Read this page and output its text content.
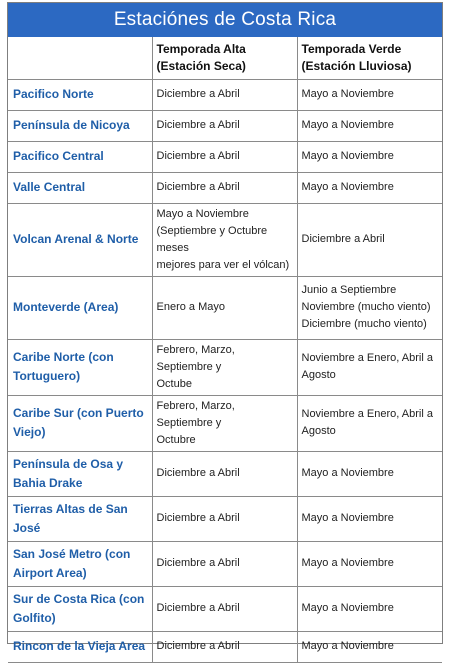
Estaciónes de Costa Rica

	Temporada Alta
(Estación Seca)	Temporada Verde
(Estación Lluviosa)

Pacifico Norte	Diciembre a Abril	Mayo a Noviembre

Península de Nicoya	Diciembre a Abril	Mayo a Noviembre

Pacifico Central	Diciembre a Abril	Mayo a Noviembre

Valle Central	Diciembre a Abril	Mayo a Noviembre

Volcan Arenal & Norte	Mayo a Noviembre
(Septiembre y Octubre meses
mejores para ver el vólcan)	Diciembre a Abril

Monteverde (Area)	Enero a Mayo	Junio a Septiembre
Noviembre (mucho viento)
Diciembre (mucho viento)

Caribe Norte (con Tortuguero)	Febrero, Marzo, Septiembre y
Octube	Noviembre a Enero, Abril a
Agosto

Caribe Sur (con Puerto Viejo)	Febrero, Marzo, Septiembre y
Octubre	Noviembre a Enero, Abril a
Agosto

Península de Osa y Bahia Drake	Diciembre a Abril	Mayo a Noviembre

Tierras Altas de San José	Diciembre a Abril	Mayo a Noviembre

San José Metro (con Airport Area)	Diciembre a Abril	Mayo a Noviembre

Sur de Costa Rica (con Golfito)	Diciembre a Abril	Mayo a Noviembre

Rincon de la Vieja Area	Diciembre a Abril	Mayo a Noviembre
